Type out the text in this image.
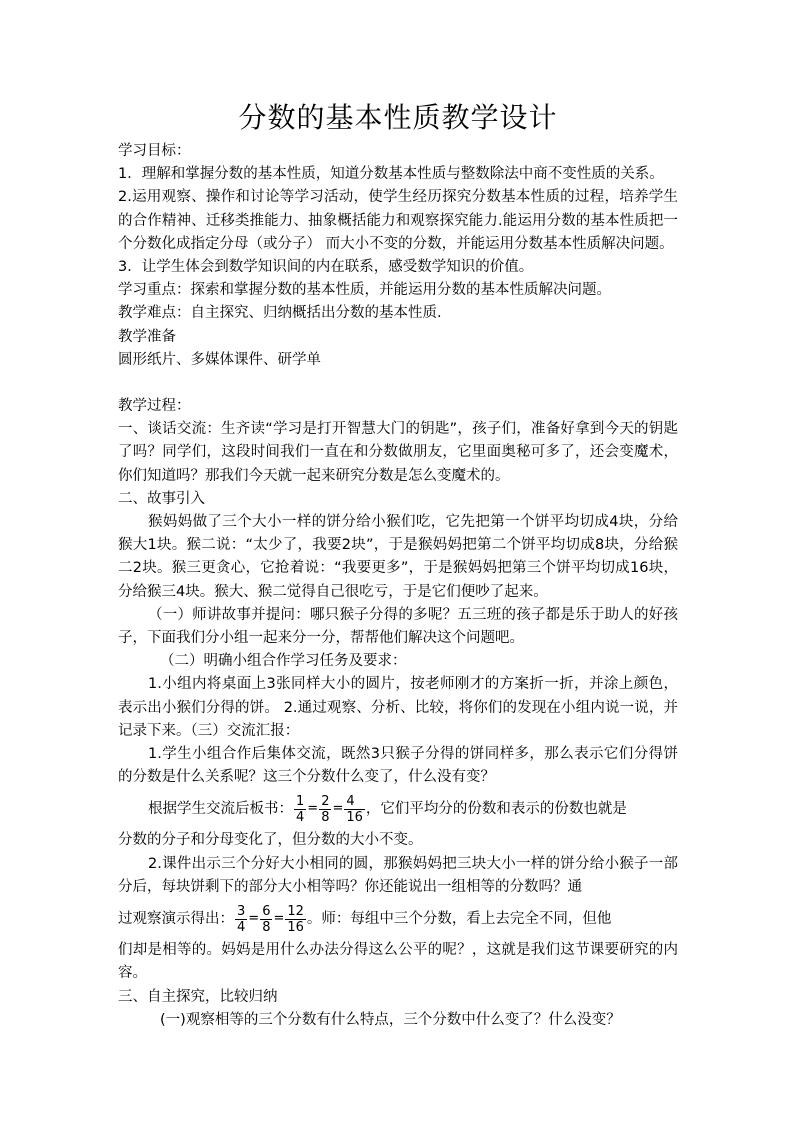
分数的基本性质教学设计

学习目标：

1．理解和掌握分数的基本性质，知道分数基本性质与整数除法中商不变性质的关系。

2.运用观察、操作和讨论等学习活动，使学生经历探究分数基本性质的过程，培养学生的合作精神、迁移类推能力、抽象概括能力和观察探究能力.能运用分数的基本性质把一个分数化成指定分母（或分子） 而大小不变的分数，并能运用分数基本性质解决问题。

3．让学生体会到数学知识间的内在联系，感受数学知识的价值。

学习重点：探索和掌握分数的基本性质，并能运用分数的基本性质解决问题。

教学难点：自主探究、归纳概括出分数的基本性质.

教学准备

圆形纸片、多媒体课件、研学单

教学过程：

一、谈话交流：生齐读“学习是打开智慧大门的钥匙”，孩子们，准备好拿到今天的钥匙了吗？同学们，这段时间我们一直在和分数做朋友，它里面奥秘可多了，还会变魔术，你们知道吗？那我们今天就一起来研究分数是怎么变魔术的。

二、故事引入

猴妈妈做了三个大小一样的饼分给小猴们吃，它先把第一个饼平均切成4块，分给猴大1块。猴二说：“太少了，我要2块”，于是猴妈妈把第二个饼平均切成8块，分给猴二2块。猴三更贪心，它抢着说：“我要更多”，于是猴妈妈把第三个饼平均切成16块，分给猴三4块。猴大、猴二觉得自己很吃亏，于是它们便吵了起来。

（一）师讲故事并提问：哪只猴子分得的多呢？五三班的孩子都是乐于助人的好孩子，下面我们分小组一起来分一分，帮帮他们解决这个问题吧。

（二）明确小组合作学习任务及要求：

1.小组内将桌面上3张同样大小的圆片，按老师刚才的方案折一折，并涂上颜色，表示出小猴们分得的饼。 2.通过观察、分析、比较，将你们的发现在小组内说一说，并记录下来。（三）交流汇报：

1.学生小组合作后集体交流，既然3只猴子分得的饼同样多，那么表示它们分得饼的分数是什么关系呢？这三个分数什么变了，什么没有变？

根据学生交流后板书： $\frac{1}{4} = \frac{2}{8} = \frac{4}{16}$ ，它们平均分的份数和表示的份数也就是

分数的分子和分母变化了，但分数的大小不变。

2.课件出示三个分好大小相同的圆，那猴妈妈把三块大小一样的饼分给小猴子一部分后，每块饼剩下的部分大小相等吗？你还能说出一组相等的分数吗？通

过观察演示得出： $\frac{3}{4} = \frac{6}{8} = \frac{12}{16}$ 。师：每组中三个分数，看上去完全不同，但他

们却是相等的。妈妈是用什么办法分得这么公平的呢？，这就是我们这节课要研究的内容。

三、自主探究，比较归纳

(一)观察相等的三个分数有什么特点，三个分数中什么变了？什么没变？
